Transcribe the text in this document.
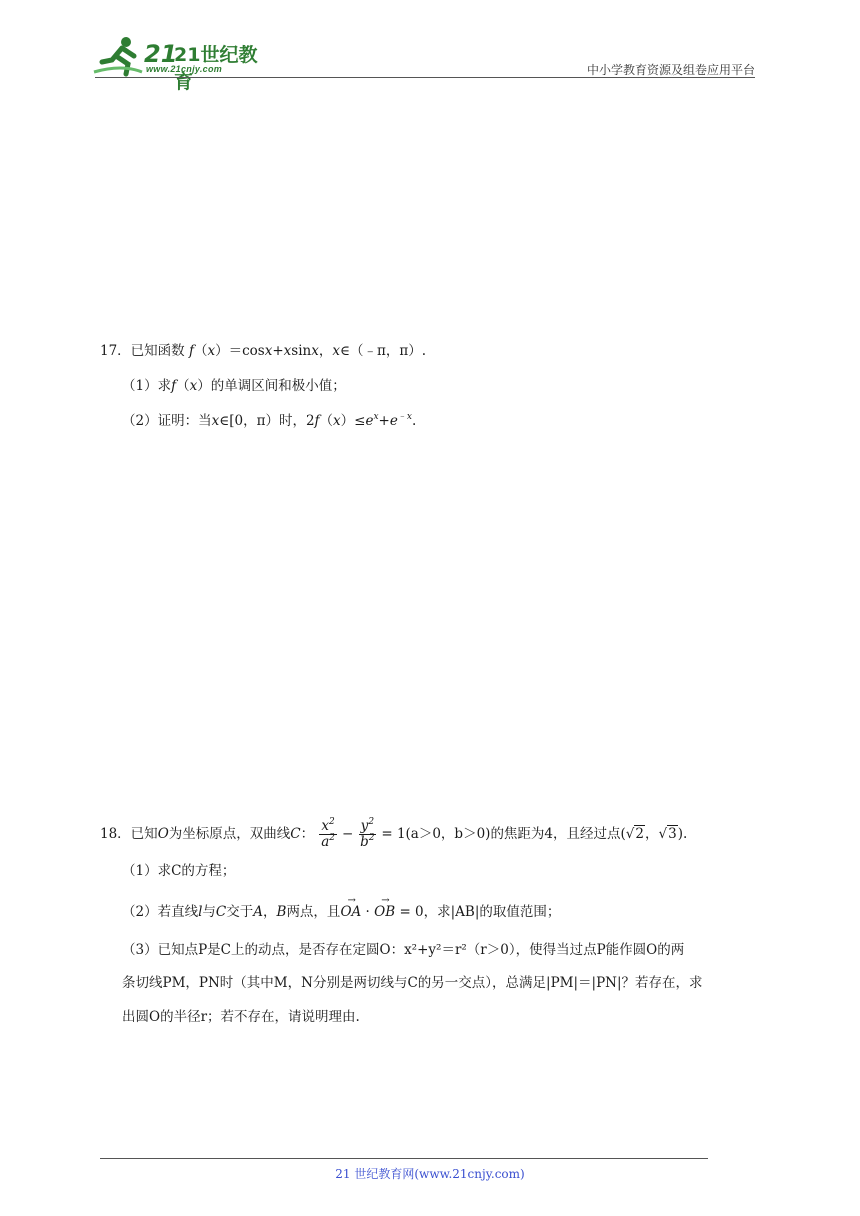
21
21世纪教育
www.21cnjy.com	中小学教育资源及组卷应用平台
17．已知函数 f（x）＝cosx+xsinx，x∈（﹣π，π）.
（1）求f（x）的单调区间和极小值；
（2）证明：当x∈[0，π）时，$2f(x)\le e^x+e^{﹣x}$.
18．已知O为坐标原点，双曲线C： $\frac{x^2}{a^2} - \frac{y^2}{b^2} = 1(a>0$，b＞0)的焦距为4，且经过点(√2，√3).
（1）求C的方程；
（2）若直线l与C交于A，B两点，且→ OA · → OB = 0，求|AB|的取值范围；
（3）已知点P是C上的动点，是否存在定圆O：x²+y²＝r²（r＞0），使得当过点P能作圆O的两
条切线PM，PN时（其中M，N分别是两切线与C的另一交点），总满足|PM|＝|PN|？若存在，求
出圆O的半径r；若不存在，请说明理由.
21 世纪教育网(www.21cnjy.com)
